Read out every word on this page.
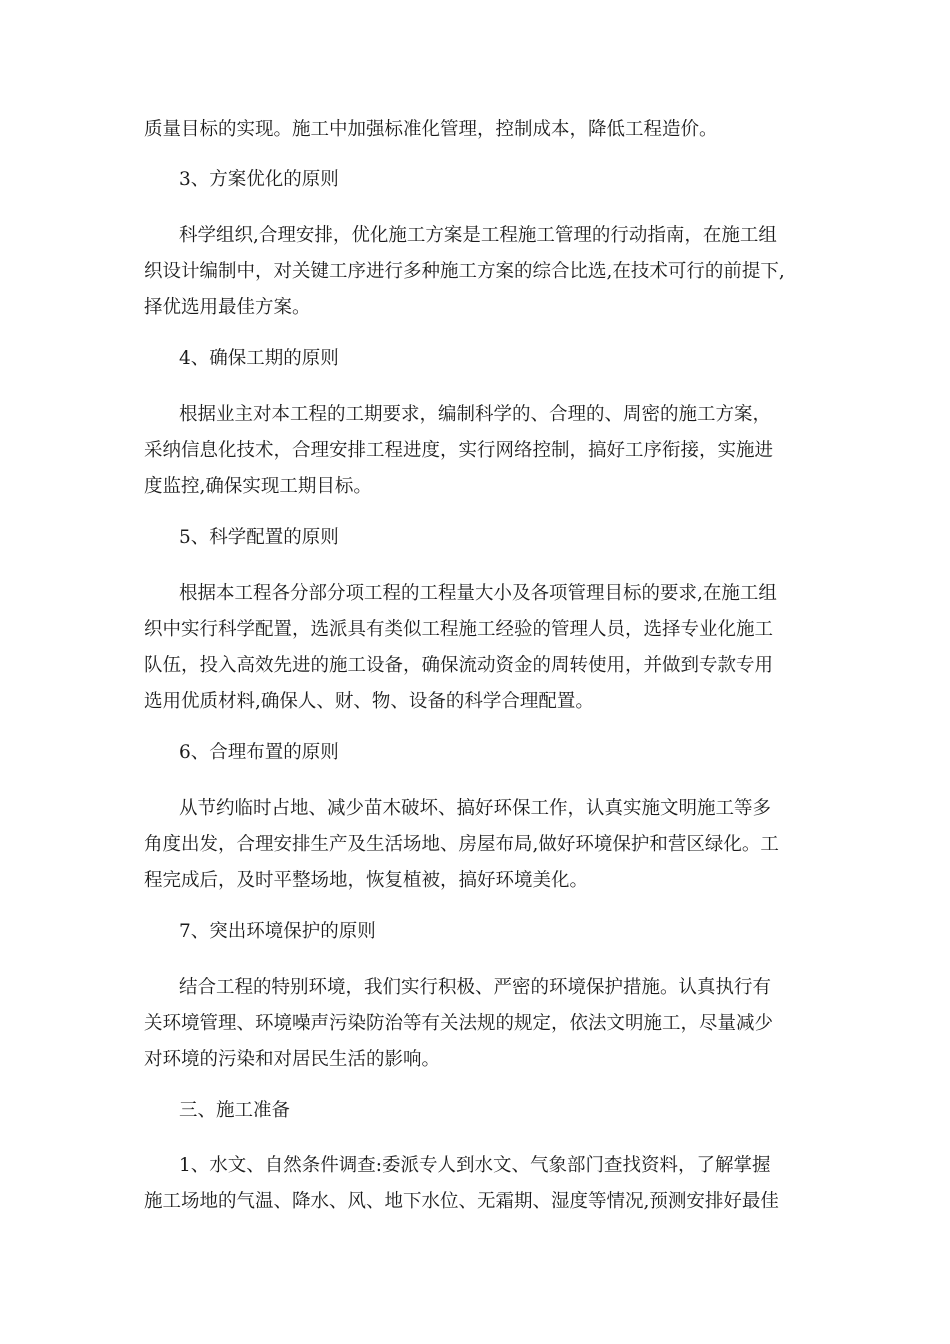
质量目标的实现。施工中加强标准化管理，控制成本，降低工程造价。
3、方案优化的原则
科学组织,合理安排，优化施工方案是工程施工管理的行动指南，在施工组
织设计编制中，对关键工序进行多种施工方案的综合比选,在技术可行的前提下,
择优选用最佳方案。
4、确保工期的原则
根据业主对本工程的工期要求，编制科学的、合理的、周密的施工方案，
采纳信息化技术，合理安排工程进度，实行网络控制，搞好工序衔接，实施进
度监控,确保实现工期目标。
5、科学配置的原则
根据本工程各分部分项工程的工程量大小及各项管理目标的要求,在施工组
织中实行科学配置，选派具有类似工程施工经验的管理人员，选择专业化施工
队伍，投入高效先进的施工设备，确保流动资金的周转使用，并做到专款专用
选用优质材料,确保人、财、物、设备的科学合理配置。
6、合理布置的原则
从节约临时占地、减少苗木破坏、搞好环保工作，认真实施文明施工等多
角度出发，合理安排生产及生活场地、房屋布局,做好环境保护和营区绿化。工
程完成后，及时平整场地，恢复植被，搞好环境美化。
7、突出环境保护的原则
结合工程的特别环境，我们实行积极、严密的环境保护措施。认真执行有
关环境管理、环境噪声污染防治等有关法规的规定，依法文明施工，尽量减少
对环境的污染和对居民生活的影响。
三、施工准备
1、水文、自然条件调查:委派专人到水文、气象部门查找资料，了解掌握
施工场地的气温、降水、风、地下水位、无霜期、湿度等情况,预测安排好最佳
